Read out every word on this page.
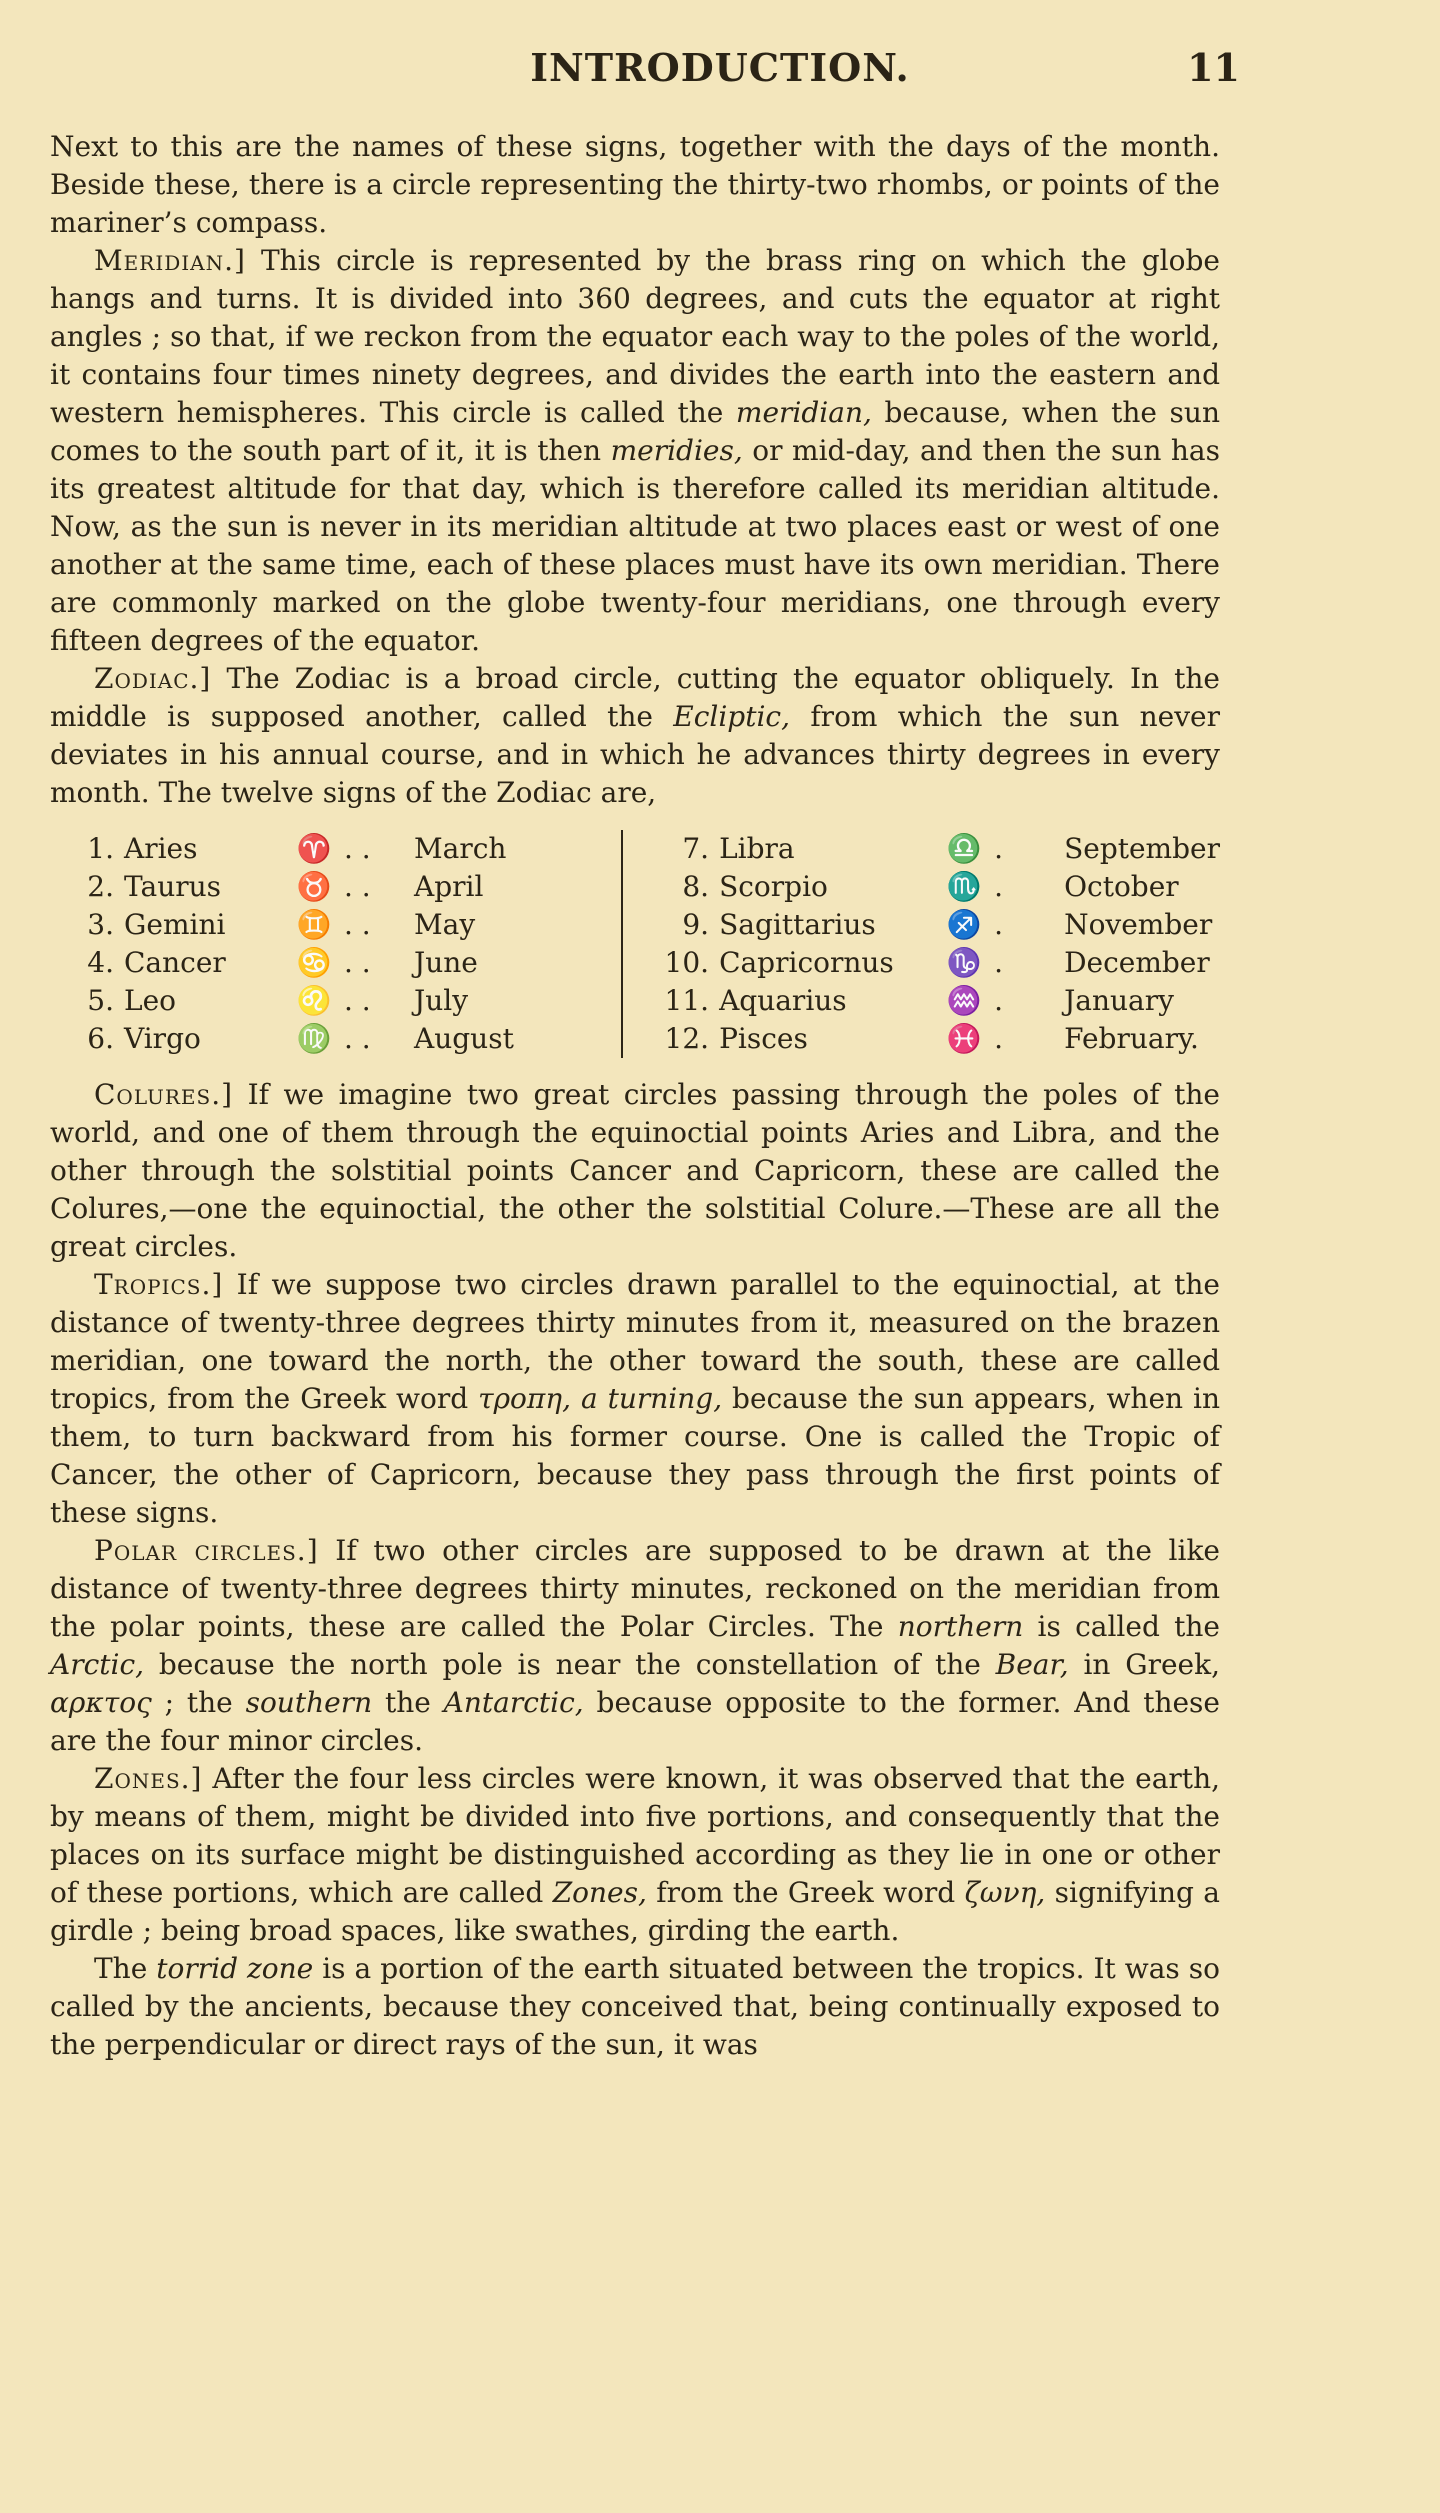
INTRODUCTION.	11

Next to this are the names of these signs, together with the days of the month. Beside these, there is a circle representing the thirty-two rhombs, or points of the mariner’s compass.

Meridian.] This circle is represented by the brass ring on which the globe hangs and turns. It is divided into 360 degrees, and cuts the equator at right angles ; so that, if we reckon from the equator each way to the poles of the world, it contains four times ninety degrees, and divides the earth into the eastern and western hemispheres. This circle is called the meridian, because, when the sun comes to the south part of it, it is then meridies, or mid-day, and then the sun has its greatest altitude for that day, which is therefore called its meridian altitude. Now, as the sun is never in its meridian altitude at two places east or west of one another at the same time, each of these places must have its own meridian. There are commonly marked on the globe twenty-four meridians, one through every fifteen degrees of the equator.

Zodiac.] The Zodiac is a broad circle, cutting the equator obliquely. In the middle is supposed another, called the Ecliptic, from which the sun never deviates in his annual course, and in which he advances thirty degrees in every month. The twelve signs of the Zodiac are,

1. Aries	♈ . .	March
2. Taurus	♉ . .	April
3. Gemini	♊ . .	May
4. Cancer	♋ . .	June
5. Leo	♌ . .	July
6. Virgo	♍ . .	August
7. Libra	♎ .	September
8. Scorpio	♏ .	October
9. Sagittarius	♐ .	November
10. Capricornus	♑ .	December
11. Aquarius	♒ .	January
12. Pisces	♓ .	February.

Colures.] If we imagine two great circles passing through the poles of the world, and one of them through the equinoctial points Aries and Libra, and the other through the solstitial points Cancer and Capricorn, these are called the Colures,—one the equinoctial, the other the solstitial Colure.—These are all the great circles.

Tropics.] If we suppose two circles drawn parallel to the equinoctial, at the distance of twenty-three degrees thirty minutes from it, measured on the brazen meridian, one toward the north, the other toward the south, these are called tropics, from the Greek word τροπη, a turning, because the sun appears, when in them, to turn backward from his former course. One is called the Tropic of Cancer, the other of Capricorn, because they pass through the first points of these signs.

Polar circles.] If two other circles are supposed to be drawn at the like distance of twenty-three degrees thirty minutes, reckoned on the meridian from the polar points, these are called the Polar Circles. The northern is called the Arctic, because the north pole is near the constellation of the Bear, in Greek, αρκτος ; the southern the Antarctic, because opposite to the former. And these are the four minor circles.

Zones.] After the four less circles were known, it was observed that the earth, by means of them, might be divided into five portions, and consequently that the places on its surface might be distinguished according as they lie in one or other of these portions, which are called Zones, from the Greek word ζωνη, signifying a girdle ; being broad spaces, like swathes, girding the earth.

The torrid zone is a portion of the earth situated between the tropics. It was so called by the ancients, because they conceived that, being continually exposed to the perpendicular or direct rays of the sun, it was
